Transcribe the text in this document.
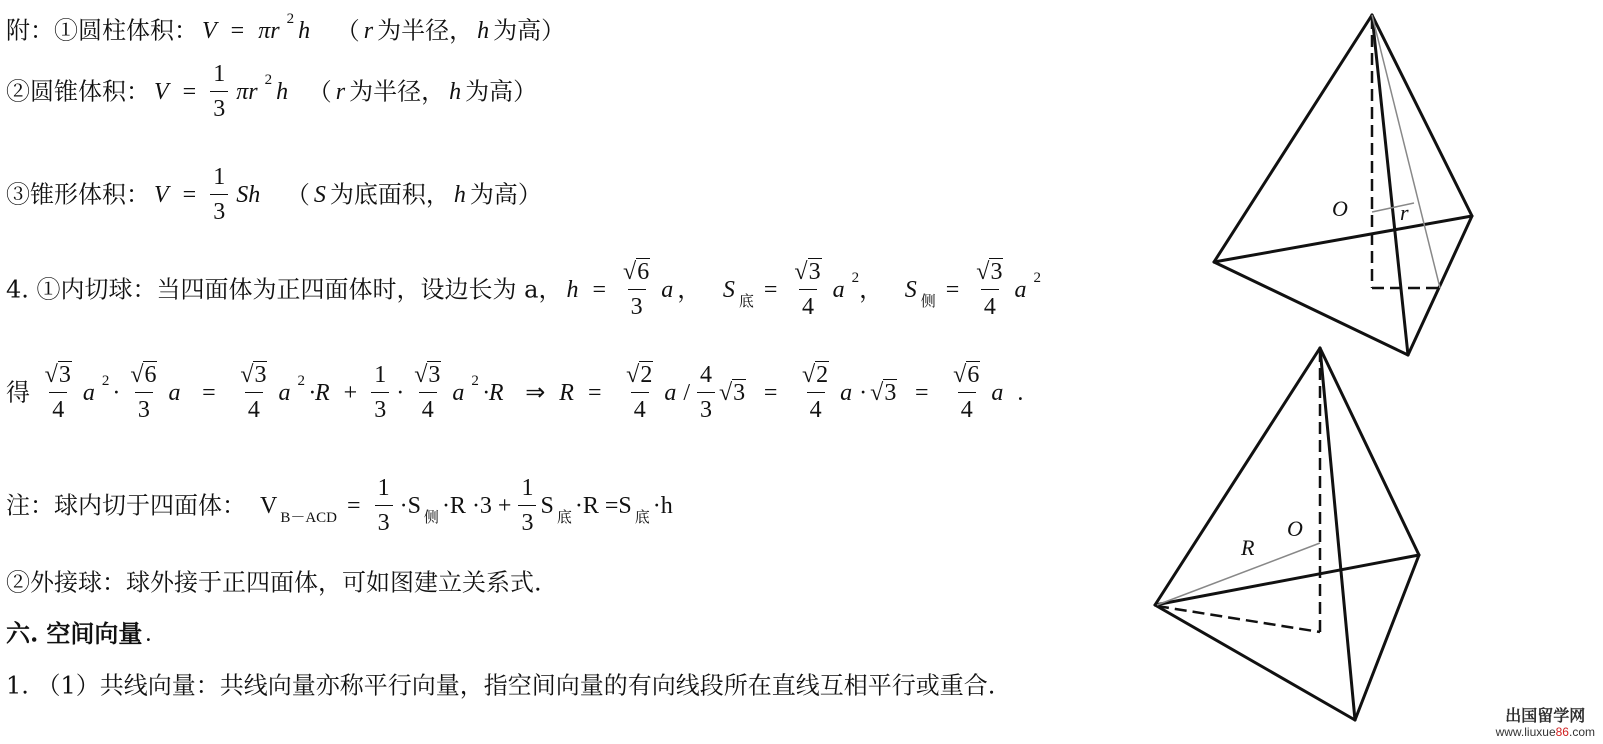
附：①圆柱体积： V = πr $^2$ h （ r 为半径， h 为高）
②圆锥体积： $V = \frac{1}{3}$ πr $^2$ h （ r 为半径， h 为高）
③锥形体积： $V = \frac{1}{3}$ Sh （ S 为底面积， h 为高）
4. ①内切球：当四面体为正四面体时，设边长为 a， $h = \frac{√6}{3}$ a ， S $_底 = \frac{√3}{4}$ a $^2$， S $_侧 = \frac{√3}{4}$ a $^2$
得 $\frac{√3}{4}$ a $^2 \cdot \frac{√6}{3}$ $a = \frac{√3}{4}$ a $^2 \cdot R + \frac{1}{3} \cdot \frac{√3}{4}$ a $^2$ ·R ⇒ $R = \frac{√2}{4}$ $a / \frac{4}{3} √3 = \frac{√2}{4}$ $a \cdot √3 = \frac{√6}{4}$ a .
注：球内切于四面体： V $_{B-ACD} = \frac{1}{3} \cdot S$ $_侧 \cdot R \cdot 3 + \frac{1}{3}$ S $_底$ ·R =S $_底$ ·h
②外接球：球外接于正四面体，可如图建立关系式.
六. 空间向量 .
1. （1）共线向量：共线向量亦称平行向量，指空间向量的有向线段所在直线互相平行或重合.
O r
R
O
出国留学网
www.liuxue86.com
